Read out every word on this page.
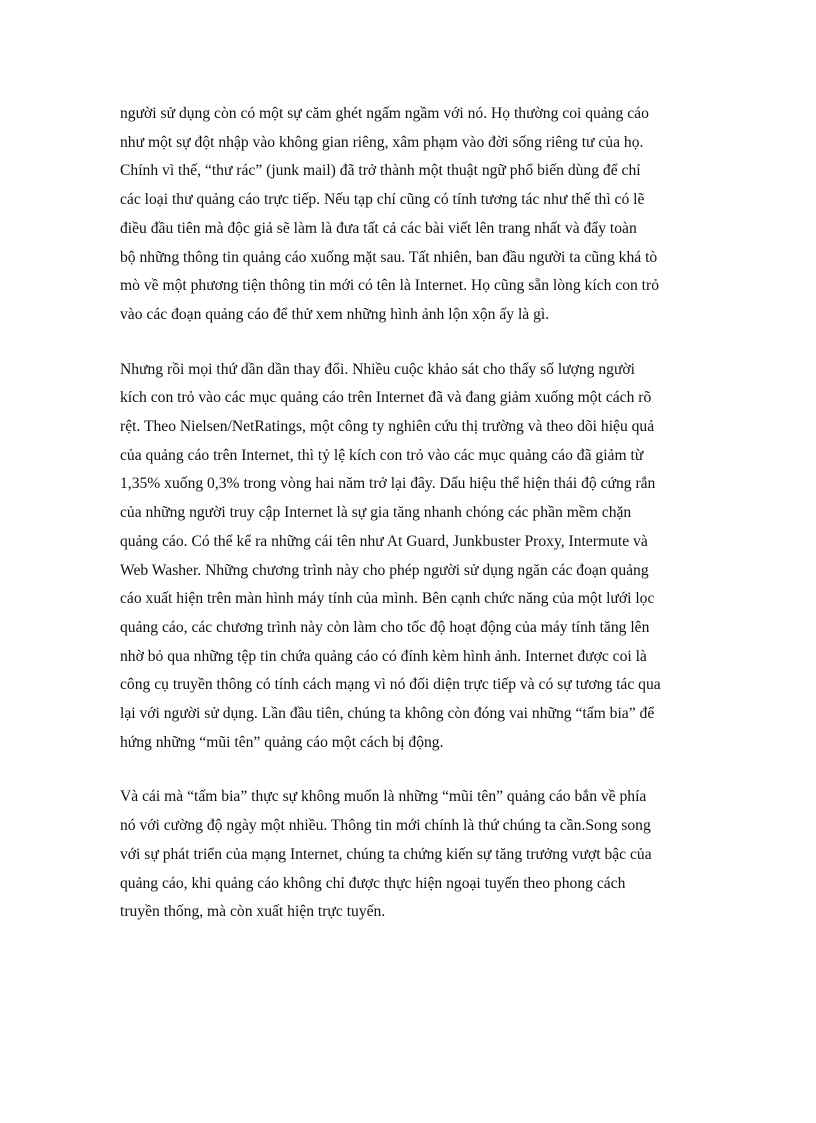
người sử dụng còn có một sự căm ghét ngấm ngầm với nó. Họ thường coi quảng cáo
như một sự đột nhập vào không gian riêng, xâm phạm vào đời sống riêng tư của họ.
Chính vì thế, “thư rác” (junk mail) đã trở thành một thuật ngữ phổ biến dùng để chỉ
các loại thư quảng cáo trực tiếp. Nếu tạp chí cũng có tính tương tác như thế thì có lẽ
điều đầu tiên mà độc giả sẽ làm là đưa tất cả các bài viết lên trang nhất và đẩy toàn
bộ những thông tin quảng cáo xuống mặt sau. Tất nhiên, ban đầu người ta cũng khá tò
mò về một phương tiện thông tin mới có tên là Internet. Họ cũng sẵn lòng kích con trỏ
vào các đoạn quảng cáo để thử xem những hình ảnh lộn xộn ấy là gì.

Nhưng rồi mọi thứ dần dần thay đổi. Nhiều cuộc khảo sát cho thấy số lượng người
kích con trỏ vào các mục quảng cáo trên Internet đã và đang giảm xuống một cách rõ
rệt. Theo Nielsen/NetRatings, một công ty nghiên cứu thị trường và theo dõi hiệu quả
của quảng cáo trên Internet, thì tỷ lệ kích con trỏ vào các mục quảng cáo đã giảm từ
1,35% xuống 0,3% trong vòng hai năm trở lại đây. Dấu hiệu thể hiện thái độ cứng rắn
của những người truy cập Internet là sự gia tăng nhanh chóng các phần mềm chặn
quảng cáo. Có thể kể ra những cái tên như At Guard, Junkbuster Proxy, Intermute và
Web Washer. Những chương trình này cho phép người sử dụng ngăn các đoạn quảng
cáo xuất hiện trên màn hình máy tính của mình. Bên cạnh chức năng của một lưới lọc
quảng cáo, các chương trình này còn làm cho tốc độ hoạt động của máy tính tăng lên
nhờ bỏ qua những tệp tin chứa quảng cáo có đính kèm hình ảnh. Internet được coi là
công cụ truyền thông có tính cách mạng vì nó đối diện trực tiếp và có sự tương tác qua
lại với người sử dụng. Lần đầu tiên, chúng ta không còn đóng vai những “tấm bia” để
hứng những “mũi tên” quảng cáo một cách bị động.

Và cái mà “tấm bia” thực sự không muốn là những “mũi tên” quảng cáo bắn về phía
nó với cường độ ngày một nhiều. Thông tin mới chính là thứ chúng ta cần.Song song
với sự phát triển của mạng Internet, chúng ta chứng kiến sự tăng trưởng vượt bậc của
quảng cáo, khi quảng cáo không chỉ được thực hiện ngoại tuyến theo phong cách
truyền thống, mà còn xuất hiện trực tuyến.
